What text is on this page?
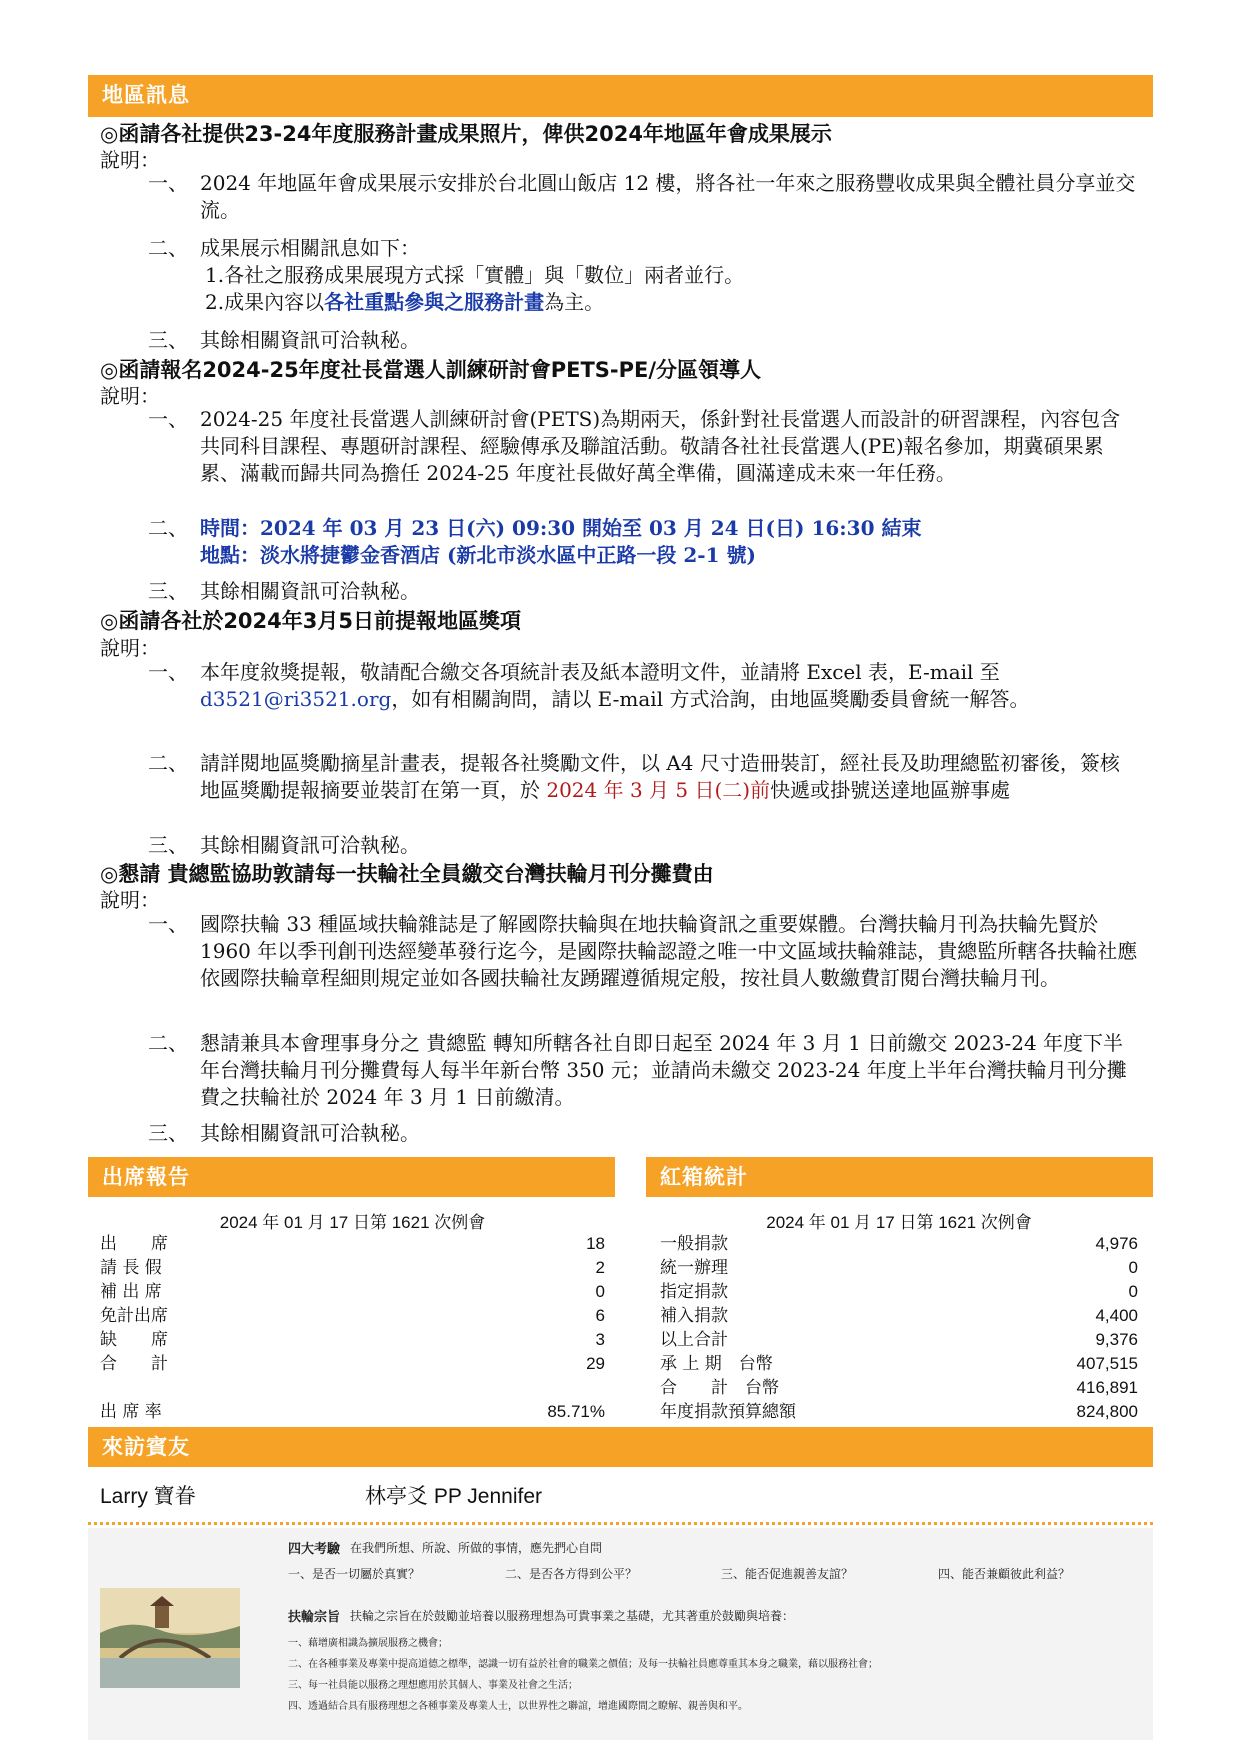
地區訊息
◎函請各社提供23-24年度服務計畫成果照片，俾供2024年地區年會成果展示
說明：
一、 2024 年地區年會成果展示安排於台北圓山飯店 12 樓，將各社一年來之服務豐收成果與全體社員分享並交流。
二、 成果展示相關訊息如下：
1.各社之服務成果展現方式採「實體」與「數位」兩者並行。
2.成果內容以各社重點參與之服務計畫為主。
三、 其餘相關資訊可洽執秘。
◎函請報名2024-25年度社長當選人訓練研討會PETS-PE/分區領導人
說明：
一、 2024-25 年度社長當選人訓練研討會(PETS)為期兩天，係針對社長當選人而設計的研習課程，內容包含共同科目課程、專題研討課程、經驗傳承及聯誼活動。敬請各社社長當選人(PE)報名參加，期冀碩果累累、滿載而歸共同為擔任 2024-25 年度社長做好萬全準備，圓滿達成未來一年任務。
二、 時間：2024 年 03 月 23 日(六) 09:30 開始至 03 月 24 日(日) 16:30 結束
地點：淡水將捷鬱金香酒店 (新北市淡水區中正路一段 2-1 號)
三、 其餘相關資訊可洽執秘。
◎函請各社於2024年3月5日前提報地區獎項
說明：
一、 本年度敘獎提報，敬請配合繳交各項統計表及紙本證明文件，並請將 Excel 表，E-mail 至 d3521@ri3521.org，如有相關詢問，請以 E-mail 方式洽詢，由地區獎勵委員會統一解答。
二、 請詳閱地區獎勵摘星計畫表，提報各社獎勵文件，以 A4 尺寸造冊裝訂，經社長及助理總監初審後，簽核地區獎勵提報摘要並裝訂在第一頁，於 2024 年 3 月 5 日(二)前快遞或掛號送達地區辦事處
三、 其餘相關資訊可洽執秘。
◎懇請 貴總監協助敦請每一扶輪社全員繳交台灣扶輪月刊分攤費由
說明：
一、 國際扶輪 33 種區域扶輪雜誌是了解國際扶輪與在地扶輪資訊之重要媒體。台灣扶輪月刊為扶輪先賢於 1960 年以季刊創刊迭經變革發行迄今，是國際扶輪認證之唯一中文區域扶輪雜誌，貴總監所轄各扶輪社應依國際扶輪章程細則規定並如各國扶輪社友踴躍遵循規定般，按社員人數繳費訂閱台灣扶輪月刊。
二、 懇請兼具本會理事身分之 貴總監 轉知所轄各社自即日起至 2024 年 3 月 1 日前繳交 2023-24 年度下半年台灣扶輪月刊分攤費每人每半年新台幣 350 元；並請尚未繳交 2023-24 年度上半年台灣扶輪月刊分攤費之扶輪社於 2024 年 3 月 1 日前繳清。
三、 其餘相關資訊可洽執秘。
出席報告	紅箱統計
2024 年 01 月 17 日第 1621 次例會
出　　席	18
請 長 假	2
補 出 席	0
免計出席	6
缺　　席	3
合　　計	29
出 席 率	85.71%
2024 年 01 月 17 日第 1621 次例會
一般捐款	4,976
統一辦理	0
指定捐款	0
補入捐款	4,400
以上合計	9,376
承 上 期　台幣	407,515
合　　計　台幣	416,891
年度捐款預算總額	824,800
來訪賓友
Larry 寶眷	林亭爻 PP Jennifer
四大考驗 在我們所想、所說、所做的事情，應先捫心自問
一、是否一切屬於真實？	二、是否各方得到公平？	三、能否促進親善友誼？	四、能否兼顧彼此利益？
扶輪宗旨 扶輪之宗旨在於鼓勵並培養以服務理想為可貴事業之基礎，尤其著重於鼓勵與培養：
一、藉增廣相識為擴展服務之機會；
二、在各種事業及專業中提高道德之標準，認識一切有益於社會的職業之價值；及每一扶輪社員應尊重其本身之職業，藉以服務社會；
三、每一社員能以服務之理想應用於其個人、事業及社會之生活；
四、透過結合具有服務理想之各種事業及專業人士，以世界性之聯誼，增進國際間之瞭解、親善與和平。
